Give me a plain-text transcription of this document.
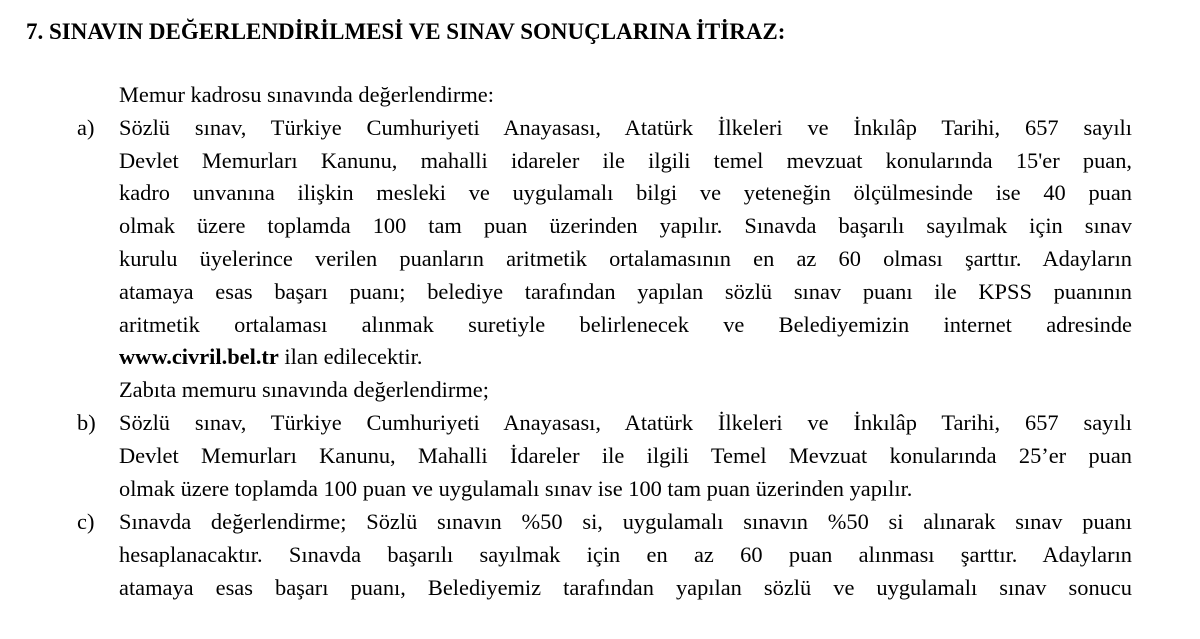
7. SINAVIN DEĞERLENDİRİLMESİ VE SINAV SONUÇLARINA İTİRAZ:
Memur kadrosu sınavında değerlendirme:
a) Sözlü sınav, Türkiye Cumhuriyeti Anayasası, Atatürk İlkeleri ve İnkılâp Tarihi, 657 sayılı
Devlet Memurları Kanunu, mahalli idareler ile ilgili temel mevzuat konularında 15'er puan,
kadro unvanına ilişkin mesleki ve uygulamalı bilgi ve yeteneğin ölçülmesinde ise 40 puan
olmak üzere toplamda 100 tam puan üzerinden yapılır. Sınavda başarılı sayılmak için sınav
kurulu üyelerince verilen puanların aritmetik ortalamasının en az 60 olması şarttır. Adayların
atamaya esas başarı puanı; belediye tarafından yapılan sözlü sınav puanı ile KPSS puanının
aritmetik ortalaması alınmak suretiyle belirlenecek ve Belediyemizin internet adresinde
www.civril.bel.tr ilan edilecektir.
Zabıta memuru sınavında değerlendirme;
b) Sözlü sınav, Türkiye Cumhuriyeti Anayasası, Atatürk İlkeleri ve İnkılâp Tarihi, 657 sayılı
Devlet Memurları Kanunu, Mahalli İdareler ile ilgili Temel Mevzuat konularında 25’er puan
olmak üzere toplamda 100 puan ve uygulamalı sınav ise 100 tam puan üzerinden yapılır.
c) Sınavda değerlendirme; Sözlü sınavın %50 si, uygulamalı sınavın %50 si alınarak sınav puanı
hesaplanacaktır. Sınavda başarılı sayılmak için en az 60 puan alınması şarttır. Adayların
atamaya esas başarı puanı, Belediyemiz tarafından yapılan sözlü ve uygulamalı sınav sonucu
